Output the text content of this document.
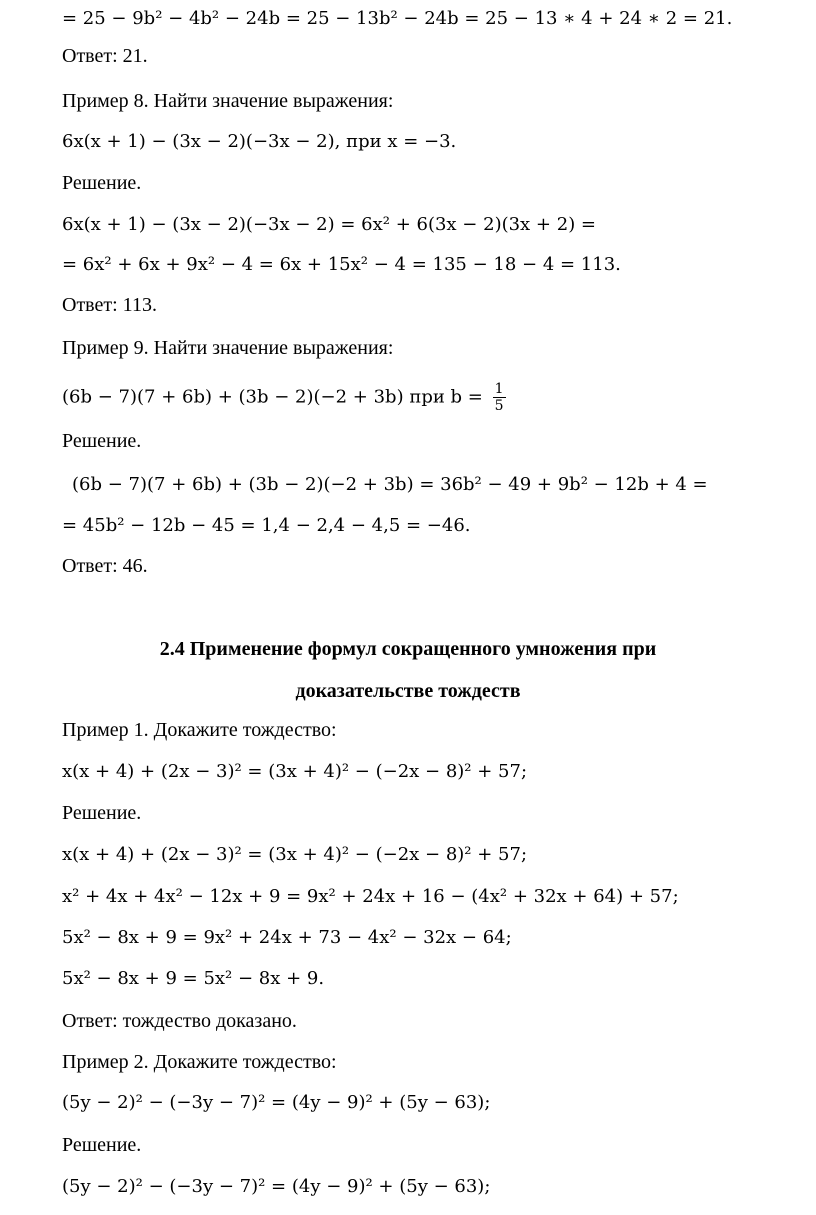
= 25 − 9b² − 4b² − 24b = 25 − 13b² − 24b = 25 − 13 ∗ 4 + 24 ∗ 2 = 21.
Ответ: 21.
Пример 8. Найти значение выражения:
6x(x + 1) − (3x − 2)(−3x − 2), при x = −3.
Решение.
6x(x + 1) − (3x − 2)(−3x − 2) = 6x² + 6(3x − 2)(3x + 2) =
= 6x² + 6x + 9x² − 4 = 6x + 15x² − 4 = 135 − 18 − 4 = 113.
Ответ: 113.
Пример 9. Найти значение выражения:
(6b − 7)(7 + 6b) + (3b − 2)(−2 + 3b) при $b = \frac{1}{5}$
Решение.
(6b − 7)(7 + 6b) + (3b − 2)(−2 + 3b) = 36b² − 49 + 9b² − 12b + 4 =
= 45b² − 12b − 45 = 1,4 − 2,4 − 4,5 = −46.
Ответ: 46.
2.4 Применение формул сокращенного умножения при
доказательстве тождеств
Пример 1. Докажите тождество:
x(x + 4) + (2x − 3)² = (3x + 4)² − (−2x − 8)² + 57;
Решение.
x(x + 4) + (2x − 3)² = (3x + 4)² − (−2x − 8)² + 57;
x² + 4x + 4x² − 12x + 9 = 9x² + 24x + 16 − (4x² + 32x + 64) + 57;
5x² − 8x + 9 = 9x² + 24x + 73 − 4x² − 32x − 64;
5x² − 8x + 9 = 5x² − 8x + 9.
Ответ: тождество доказано.
Пример 2. Докажите тождество:
(5y − 2)² − (−3y − 7)² = (4y − 9)² + (5y − 63);
Решение.
(5y − 2)² − (−3y − 7)² = (4y − 9)² + (5y − 63);
